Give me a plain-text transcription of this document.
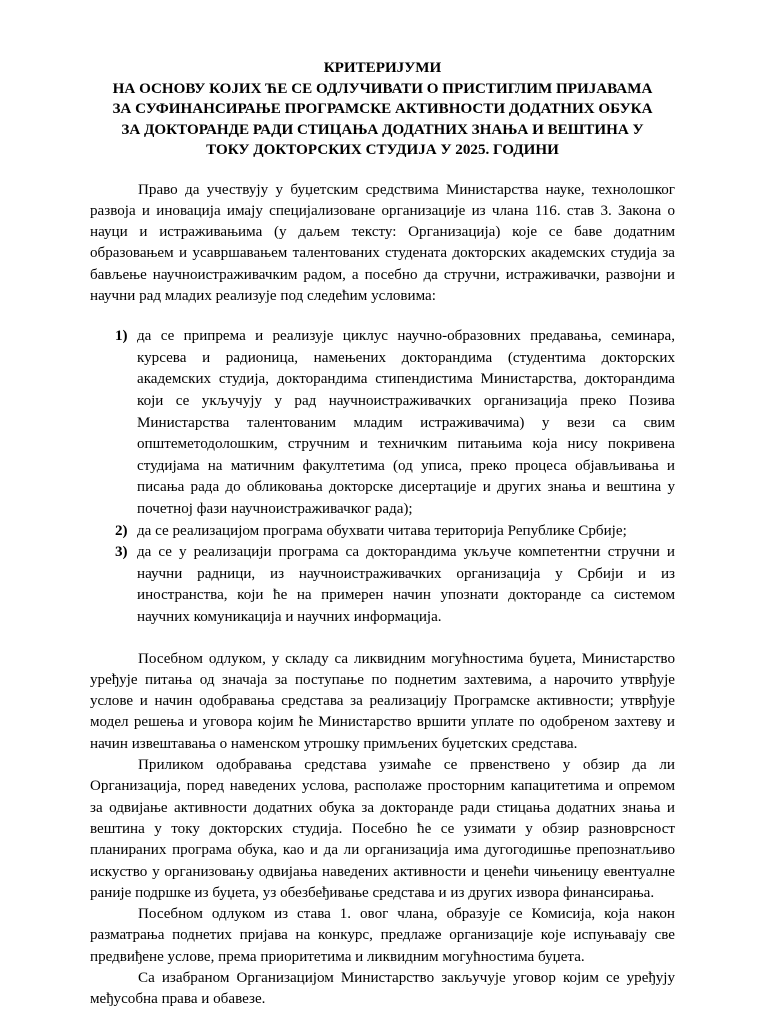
КРИТЕРИЈУМИ
НА ОСНОВУ КОЈИХ ЋЕ СЕ ОДЛУЧИВАТИ О ПРИСТИГЛИМ ПРИЈАВАМА
ЗА СУФИНАНСИРАЊЕ ПРОГРАМСКЕ АКТИВНОСТИ ДОДАТНИХ ОБУКА
ЗА ДОКТОРАНДЕ РАДИ СТИЦАЊА ДОДАТНИХ ЗНАЊА И ВЕШТИНА У
ТОКУ ДОКТОРСКИХ СТУДИЈА У 2025. ГОДИНИ

Право да учествују у буџетским средствима Министарства науке, технолошког развоја и иновација имају специјализоване организације из члана 116. став 3. Закона о науци и истраживањима (у даљем тексту: Организација) које се баве додатним образовањем и усавршавањем талентованих студената докторских академских студија за бављење научноистраживачким радом, а посебно да стручни, истраживачки, развојни и научни рад младих реализује под следећим условима:

1) да се припрема и реализује циклус научно-образовних предавања, семинара, курсева и радионица, намењених докторандима (студентима докторских академских студија, докторандима стипендистима Министарства, докторандима који се укључују у рад научноистраживачких организација преко Позива Министарства талентованим младим истраживачима) у вези са свим општеметодолошким, стручним и техничким питањима која нису покривена студијама на матичним факултетима (од уписа, преко процеса објављивања и писања рада до обликовања докторске дисертације и других знања и вештина у почетној фази научноистраживачког рада);
2) да се реализацијом програма обухвати читава територија Републике Србије;
3) да се у реализацији програма са докторандима укључе компетентни стручни и научни радници, из научноистраживачких организација у Србији и из иностранства, који ће на примерен начин упознати докторанде са системом научних комуникација и научних информација.

Посебном одлуком, у складу са ликвидним могућностима буџета, Министарство уређује питања од значаја за поступање по поднетим захтевима, а нарочито утврђује услове и начин одобравања средстава за реализацију Програмске активности; утврђује модел решења и уговора којим ће Министарство вршити уплате по одобреном захтеву и начин извештавања о наменском утрошку примљених буџетских средстава.

Приликом одобравања средстава узимаће се првенствено у обзир да ли Организација, поред наведених услова, располаже просторним капацитетима и опремом за одвијање активности додатних обука за докторанде ради стицања додатних знања и вештина у току докторских студија. Посебно ће се узимати у обзир разноврсност планираних програма обука, као и да ли организација има дугогодишње препознатљиво искуство у организовању одвијања наведених активности и ценећи чињеницу евентуалне раније подршке из буџета, уз обезбеђивање средстава и из других извора финансирања.

Посебном одлуком из става 1. овог члана, образује се Комисија, која након разматрања поднетих пријава на конкурс, предлаже организације које испуњавају све предвиђене услове, према приоритетима и ликвидним могућностима буџета.

Са изабраном Организацијом Министарство закључује уговор којим се уређују међусобна права и обавезе.
